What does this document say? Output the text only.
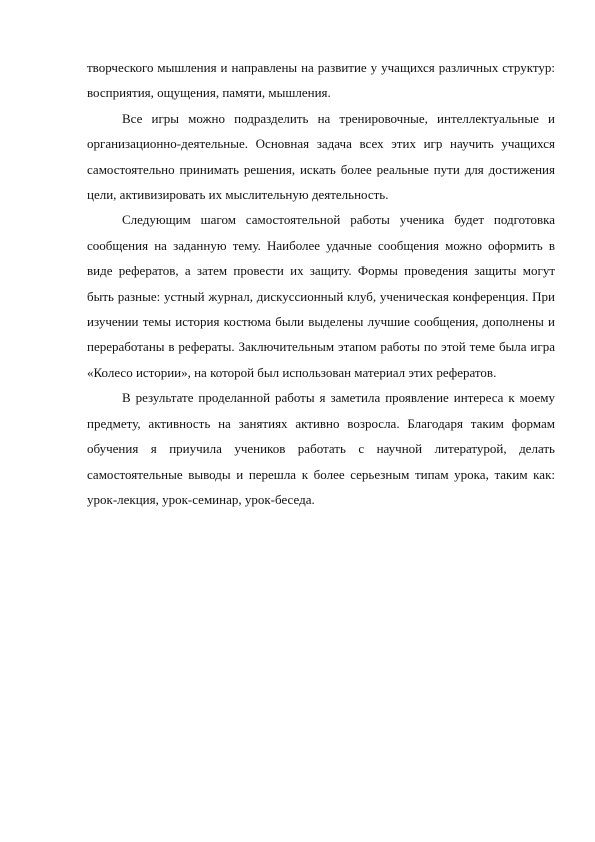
творческого мышления и направлены на развитие у учащихся различных структур: восприятия, ощущения, памяти, мышления.

Все игры можно подразделить на тренировочные, интеллектуальные и организационно-деятельные. Основная задача всех этих игр научить учащихся самостоятельно принимать решения, искать более реальные пути для достижения цели, активизировать их мыслительную деятельность.

Следующим шагом самостоятельной работы ученика будет подготовка сообщения на заданную тему. Наиболее удачные сообщения можно оформить в виде рефератов, а затем провести их защиту. Формы проведения защиты могут быть разные: устный журнал, дискуссионный клуб, ученическая конференция. При изучении темы история костюма были выделены лучшие сообщения, дополнены и переработаны в рефераты. Заключительным этапом работы по этой теме была игра «Колесо истории», на которой был использован материал этих рефератов.

В результате проделанной работы я заметила проявление интереса к моему предмету, активность на занятиях активно возросла. Благодаря таким формам обучения я приучила учеников работать с научной литературой, делать самостоятельные выводы и перешла к более серьезным типам урока, таким как: урок-лекция, урок-семинар, урок-беседа.
